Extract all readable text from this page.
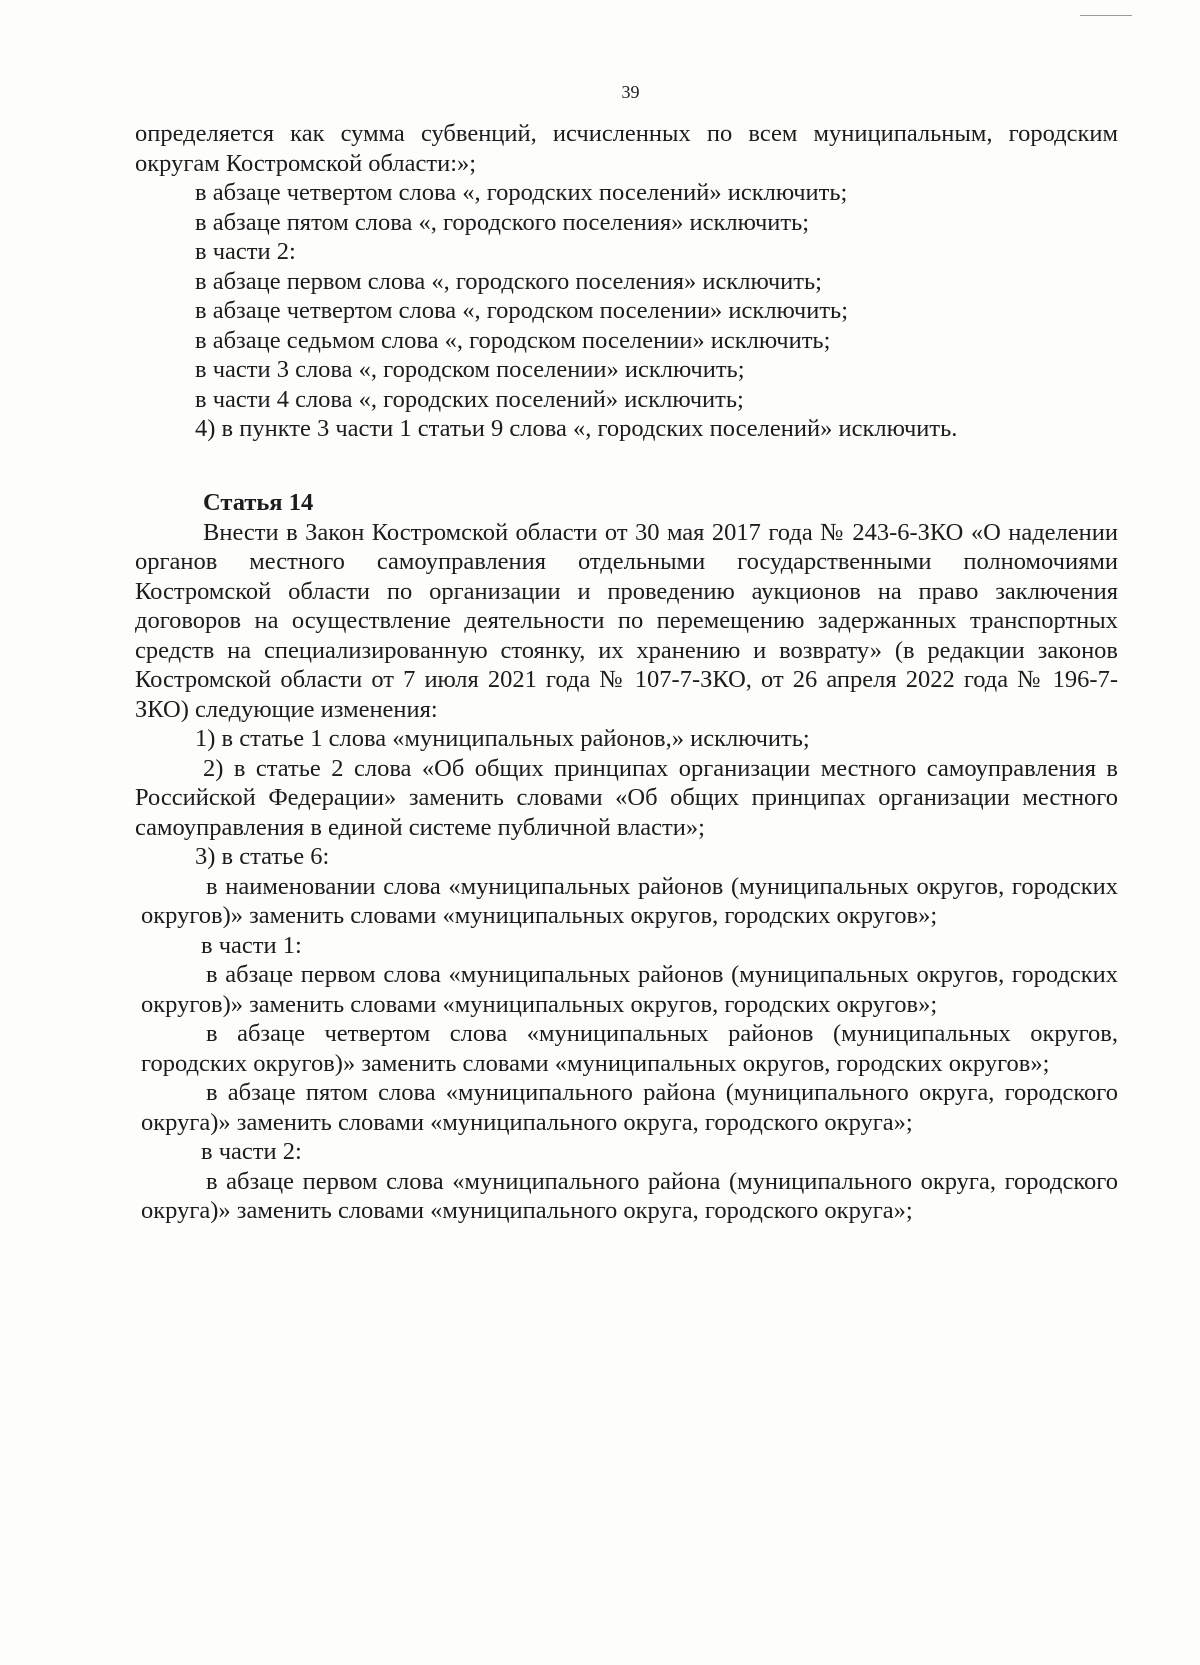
39

определяется как сумма субвенций, исчисленных по всем муниципальным, городским округам Костромской области:»;

в абзаце четвертом слова «, городских поселений» исключить;

в абзаце пятом слова «, городского поселения» исключить;

в части 2:

в абзаце первом слова «, городского поселения» исключить;

в абзаце четвертом слова «, городском поселении» исключить;

в абзаце седьмом слова «, городском поселении» исключить;

в части 3 слова «, городском поселении» исключить;

в части 4 слова «, городских поселений» исключить;

4) в пункте 3 части 1 статьи 9 слова «, городских поселений» исключить.

Статья 14

Внести в Закон Костромской области от 30 мая 2017 года № 243-6-ЗКО «О наделении органов местного самоуправления отдельными государственными полномочиями Костромской области по организации и проведению аукционов на право заключения договоров на осуществление деятельности по перемещению задержанных транспортных средств на специализированную стоянку, их хранению и возврату» (в редакции законов Костромской области от 7 июля 2021 года № 107-7-ЗКО, от 26 апреля 2022 года № 196-7-ЗКО) следующие изменения:

1) в статье 1 слова «муниципальных районов,» исключить;

2) в статье 2 слова «Об общих принципах организации местного самоуправления в Российской Федерации» заменить словами «Об общих принципах организации местного самоуправления в единой системе публичной власти»;

3) в статье 6:

в наименовании слова «муниципальных районов (муниципальных округов, городских округов)» заменить словами «муниципальных округов, городских округов»;

в части 1:

в абзаце первом слова «муниципальных районов (муниципальных округов, городских округов)» заменить словами «муниципальных округов, городских округов»;

в абзаце четвертом слова «муниципальных районов (муниципальных округов, городских округов)» заменить словами «муниципальных округов, городских округов»;

в абзаце пятом слова «муниципального района (муниципального округа, городского округа)» заменить словами «муниципального округа, городского округа»;

в части 2:

в абзаце первом слова «муниципального района (муниципального округа, городского округа)» заменить словами «муниципального округа, городского округа»;
